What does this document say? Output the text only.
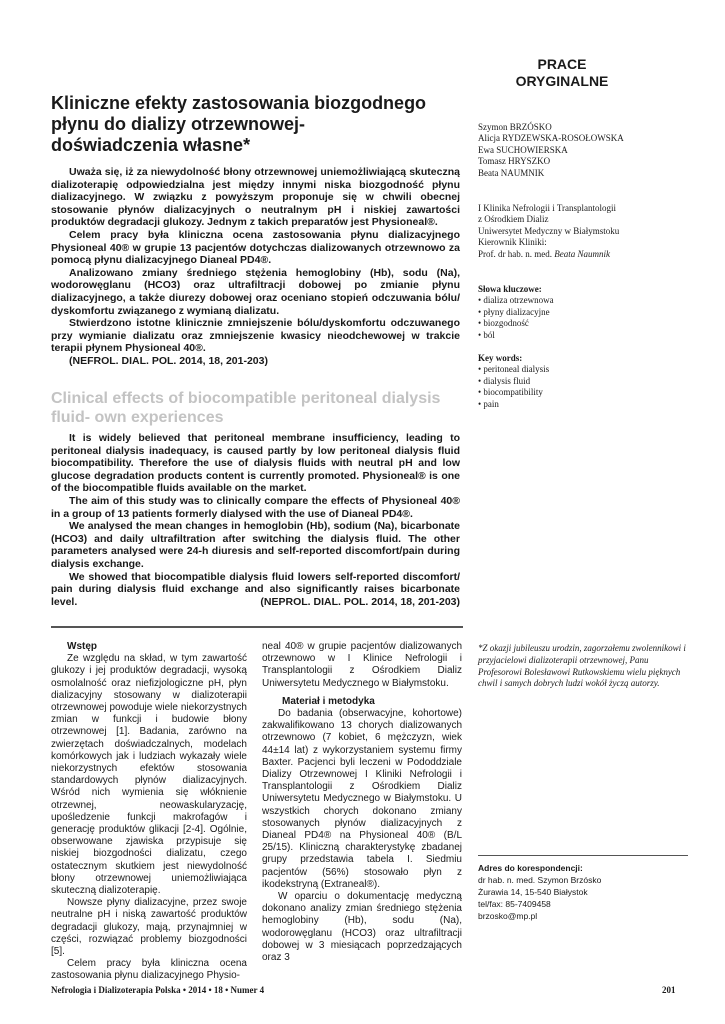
PRACE
ORYGINALNE
Kliniczne efekty zastosowania biozgodnego płynu do dializy otrzewnowej- doświadczenia własne*

Uważa się, iż za niewydolność błony otrzewnowej uniemożliwiającą skuteczną dializoterapię odpowiedzialna jest między innymi niska biozgodność płynu dializacyjnego. W związku z powyższym proponuje się w chwili obecnej stosowanie płynów dializacyjnych o neutralnym pH i niskiej zawartości produktów degradacji glukozy. Jednym z takich preparatów jest Physioneal®.

Celem pracy była kliniczna ocena zastosowania płynu dializacyjnego Physioneal 40® w grupie 13 pacjentów dotychczas dializowanych otrzewnowo za pomocą płynu dializacyjnego Dianeal PD4®.

Analizowano zmiany średniego stężenia hemoglobiny (Hb), sodu (Na), wodorowęglanu (HCO3) oraz ultrafiltracji dobowej po zmianie płynu dializacyjnego, a także diurezy dobowej oraz oceniano stopień odczuwania bólu/ dyskomfortu związanego z wymianą dializatu.

Stwierdzono istotne klinicznie zmniejszenie bólu/dyskomfortu odczuwanego przy wymianie dializatu oraz zmniejszenie kwasicy nieodchewowej w trakcie terapii płynem Physioneal 40®.

(NEFROL. DIAL. POL. 2014, 18, 201-203)

Clinical effects of biocompatible peritoneal dialysis fluid- own experiences

It is widely believed that peritoneal membrane insufficiency, leading to peritoneal dialysis inadequacy, is caused partly by low peritoneal dialysis fluid biocompatibility. Therefore the use of dialysis fluids with neutral pH and low glucose degradation products content is currently promoted. Physioneal® is one of the biocompatible fluids available on the market.

The aim of this study was to clinically compare the effects of Physioneal 40® in a group of 13 patients formerly dialysed with the use of Dianeal PD4®.

We analysed the mean changes in hemoglobin (Hb), sodium (Na), bicarbonate (HCO3) and daily ultrafiltration after switching the dialysis fluid. The other parameters analysed were 24-h diuresis and self-reported discomfort/pain during dialysis exchange.

We showed that biocompatible dialysis fluid lowers self-reported discomfort/ pain during dialysis fluid exchange and also significantly raises bicarbonate level.	(NEPROL. DIAL. POL. 2014, 18, 201-203)

Szymon BRZÓSKO
Alicja RYDZEWSKA-ROSOŁOWSKA
Ewa SUCHOWIERSKA
Tomasz HRYSZKO
Beata NAUMNIK
I Klinika Nefrologii i Transplantologii
z Ośrodkiem Dializ
Uniwersytet Medyczny w Białymstoku
Kierownik Kliniki:
Prof. dr hab. n. med. Beata Naumnik

Słowa kluczowe:

• dializa otrzewnowa
• płyny dializacyjne
• biozgodność
• ból

Key words:

• peritoneal dialysis
• dialysis fluid
• biocompatibility
• pain

Wstęp

Ze względu na skład, w tym zawartość glukozy i jej produktów degradacji, wysoką osmolalność oraz niefizjologiczne pH, płyn dializacyjny stosowany w dializoterapii otrzewnowej powoduje wiele niekorzystnych zmian w funkcji i budowie błony otrzewnowej [1]. Badania, zarówno na zwierzętach doświadczalnych, modelach komórkowych jak i ludziach wykazały wiele niekorzystnych efektów stosowania standardowych płynów dializacyjnych. Wśród nich wymienia się włóknienie otrzewnej, neowaskularyzację, upośledzenie funkcji makrofagów i generację produktów glikacji [2-4]. Ogólnie, obserwowane zjawiska przypisuje się niskiej biozgodności dializatu, czego ostatecznym skutkiem jest niewydolność błony otrzewnowej uniemożliwiająca skuteczną dializoterapię.

Nowsze płyny dializacyjne, przez swoje neutralne pH i niską zawartość produktów degradacji glukozy, mają, przynajmniej w części, rozwiązać problemy biozgodności [5].

Celem pracy była kliniczna ocena zastosowania płynu dializacyjnego Physio-

neal 40® w grupie pacjentów dializowanych otrzewnowo w I Klinice Nefrologii i Transplantologii z Ośrodkiem Dializ Uniwersytetu Medycznego w Białymstoku.

Materiał i metodyka

Do badania (obserwacyjne, kohortowe) zakwalifikowano 13 chorych dializowanych otrzewnowo (7 kobiet, 6 mężczyzn, wiek 44±14 lat) z wykorzystaniem systemu firmy Baxter. Pacjenci byli leczeni w Pododdziale Dializy Otrzewnowej I Kliniki Nefrologii i Transplantologii z Ośrodkiem Dializ Uniwersytetu Medycznego w Białymstoku. U wszystkich chorych dokonano zmiany stosowanych płynów dializacyjnych z Dianeal PD4® na Physioneal 40® (B/L 25/15). Kliniczną charakterystykę zbadanej grupy przedstawia tabela I. Siedmiu pacjentów (56%) stosowało płyn z ikodekstryną (Extraneal®).

W oparciu o dokumentację medyczną dokonano analizy zmian średniego stężenia hemoglobiny (Hb), sodu (Na), wodorowęglanu (HCO3) oraz ultrafiltracji dobowej w 3 miesiącach poprzedzających oraz 3

*Z okazji jubileuszu urodzin, zagorzałemu zwolennikowi i przyjacielowi dializoterapii otrzewnowej, Panu Profesorowi Bolesławowi Rutkowskiemu wielu pięknych chwil i samych dobrych ludzi wokół życzą autorzy.

Adres do korespondencji:

dr hab. n. med. Szymon Brzósko
Żurawia 14, 15-540 Białystok
tel/fax: 85-7409458
brzosko@mp.pl
Nefrologia i Dializoterapia Polska • 2014 • 18 • Numer 4	201
